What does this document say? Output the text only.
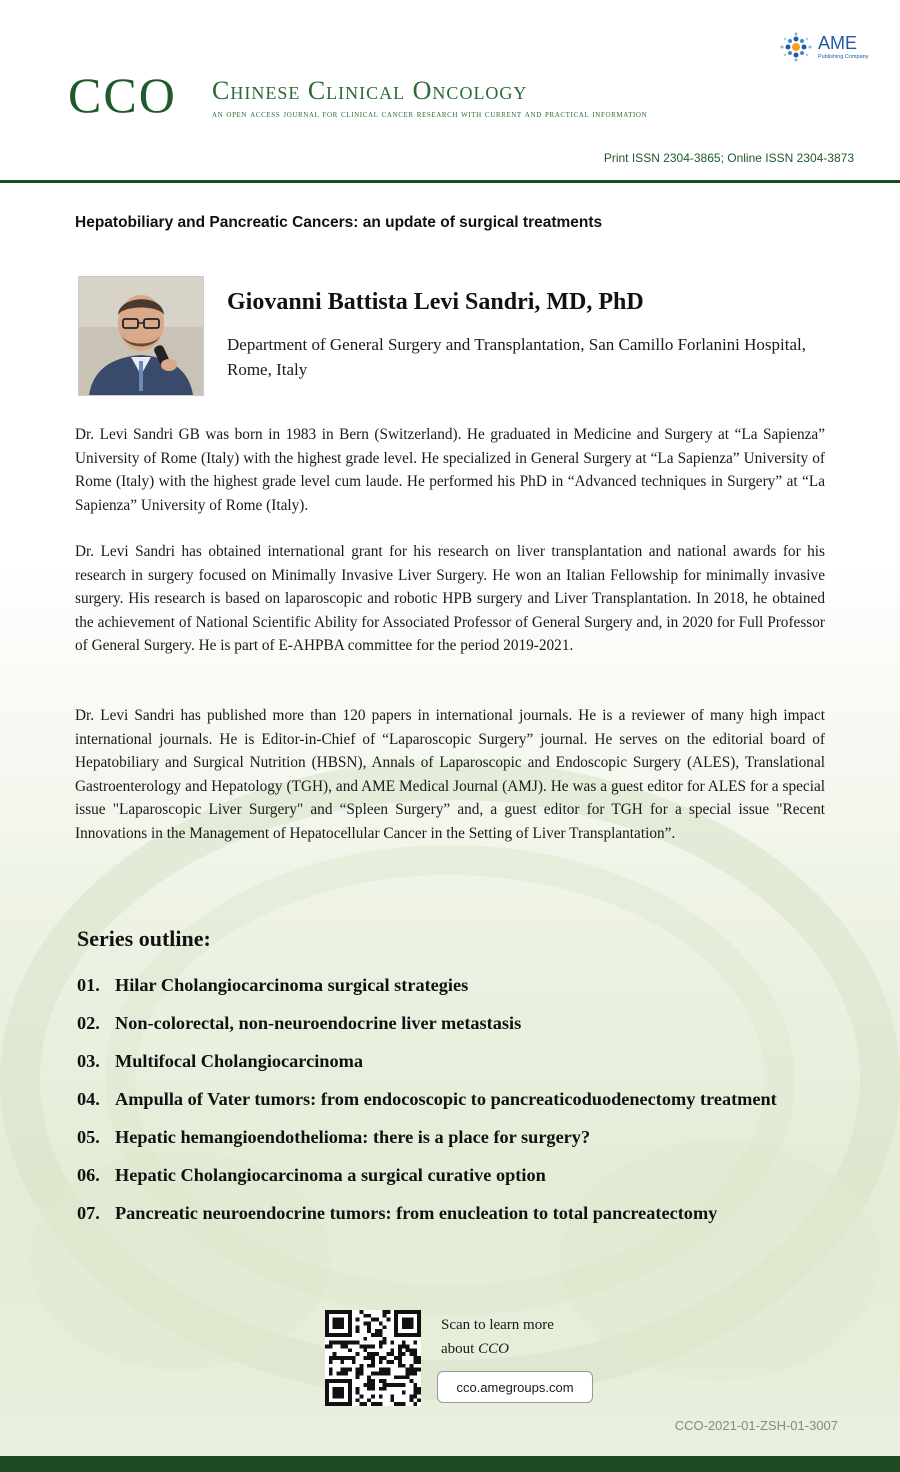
CCO Chinese Clinical Oncology
an open access journal for clinical cancer research with current and practical information
AME
Publishing Company
Print ISSN 2304-3865; Online ISSN 2304-3873
Hepatobiliary and Pancreatic Cancers: an update of surgical treatments
Giovanni Battista Levi Sandri, MD, PhD
Department of General Surgery and Transplantation, San Camillo Forlanini Hospital, Rome, Italy

Dr. Levi Sandri GB was born in 1983 in Bern (Switzerland). He graduated in Medicine and Surgery at “La Sapienza” University of Rome (Italy) with the highest grade level. He specialized in General Surgery at “La Sapienza” University of Rome (Italy) with the highest grade level cum laude. He performed his PhD in “Advanced techniques in Surgery” at “La Sapienza” University of Rome (Italy).

Dr. Levi Sandri has obtained international grant for his research on liver transplantation and national awards for his research in surgery focused on Minimally Invasive Liver Surgery. He won an Italian Fellowship for minimally invasive surgery. His research is based on laparoscopic and robotic HPB surgery and Liver Transplantation. In 2018, he obtained the achievement of National Scientific Ability for Associated Professor of General Surgery and, in 2020 for Full Professor of General Surgery. He is part of E-AHPBA committee for the period 2019-2021.

Dr. Levi Sandri has published more than 120 papers in international journals. He is a reviewer of many high impact international journals. He is Editor-in-Chief of “Laparoscopic Surgery” journal. He serves on the editorial board of Hepatobiliary and Surgical Nutrition (HBSN), Annals of Laparoscopic and Endoscopic Surgery (ALES), Translational Gastroenterology and Hepatology (TGH), and AME Medical Journal (AMJ). He was a guest editor for ALES for a special issue "Laparoscopic Liver Surgery" and “Spleen Surgery” and, a guest editor for TGH for a special issue "Recent Innovations in the Management of Hepatocellular Cancer in the Setting of Liver Transplantation”.

Series outline:
01. Hilar Cholangiocarcinoma surgical strategies
02. Non-colorectal, non-neuroendocrine liver metastasis
03. Multifocal Cholangiocarcinoma
04. Ampulla of Vater tumors: from endocoscopic to pancreaticoduodenectomy treatment
05. Hepatic hemangioendothelioma: there is a place for surgery?
06. Hepatic Cholangiocarcinoma a surgical curative option
07. Pancreatic neuroendocrine tumors: from enucleation to total pancreatectomy
Scan to learn more
about CCO
cco.amegroups.com
CCO-2021-01-ZSH-01-3007
